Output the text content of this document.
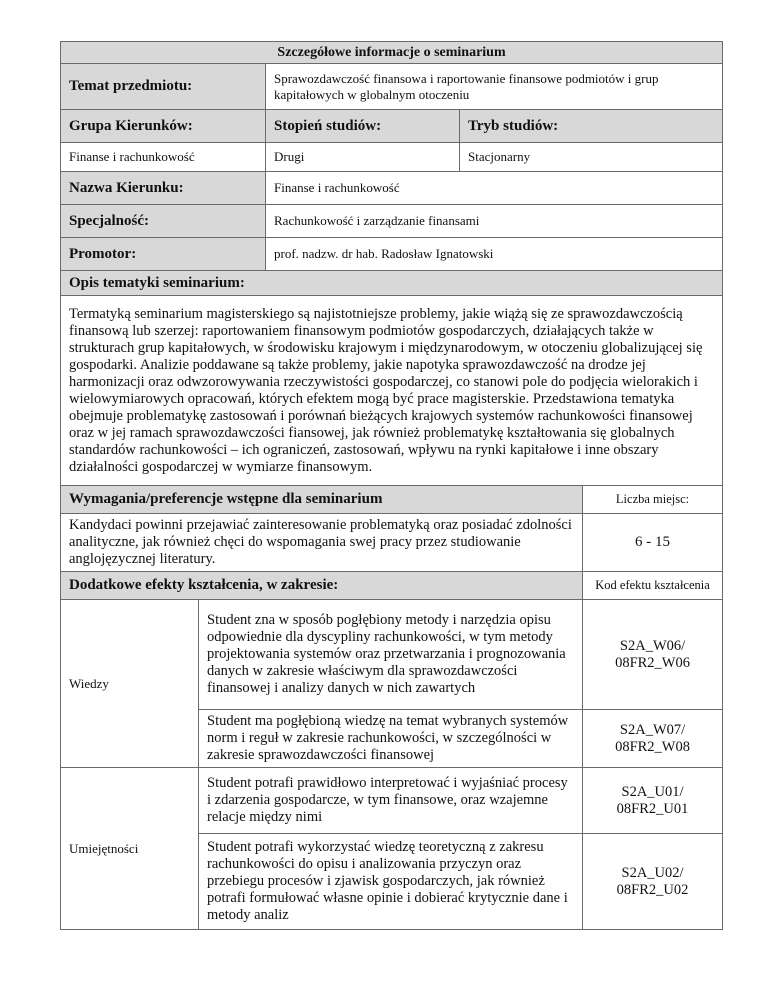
Szczegółowe informacje o seminarium				
Temat przedmiotu:		Sprawozdawczość finansowa i raportowanie finansowe podmiotów i grup kapitałowych w globalnym otoczeniu		
Grupa Kierunków:		Stopień studiów:	Tryb studiów:	
Finanse i rachunkowość		Drugi	Stacjonarny	
Nazwa Kierunku:		Finanse i rachunkowość		
Specjalność:		Rachunkowość i zarządzanie finansami		
Promotor:		prof. nadzw. dr hab. Radosław Ignatowski		
Opis tematyki seminarium:				
Termatyką seminarium magisterskiego są najistotniejsze problemy, jakie wiążą się ze sprawozdawczością finansową lub szerzej: raportowaniem finansowym podmiotów gospodarczych, działających także w strukturach grup kapitałowych, w środowisku krajowym i międzynarodowym, w otoczeniu globalizującej się gospodarki. Analizie poddawane są także problemy, jakie napotyka sprawozdawczość na drodze jej harmonizacji oraz odwzorowywania rzeczywistości gospodarczej, co stanowi pole do podjęcia wielorakich i wielowymiarowych opracowań, których efektem mogą być prace magisterskie. Przedstawiona tematyka obejmuje problematykę zastosowań i porównań bieżących krajowych systemów rachunkowości finansowej oraz w jej ramach sprawozdawczości fiansowej, jak również problematykę kształtowania się globalnych standardów rachunkowości – ich ograniczeń, zastosowań, wpływu na rynki kapitałowe i inne obszary działalności gospodarczej w wymiarze finansowym.				
Wymagania/preferencje wstępne dla seminarium				Liczba miejsc:
Kandydaci powinni przejawiać zainteresowanie problematyką oraz posiadać zdolności analityczne, jak również chęci do wspomagania swej pracy przez studiowanie anglojęzycznej literatury.				6 - 15
Dodatkowe efekty kształcenia, w zakresie:				Kod efektu kształcenia
Wiedzy	Student zna w sposób pogłębiony metody i narzędzia opisu odpowiednie dla dyscypliny rachunkowości, w tym metody projektowania systemów oraz przetwarzania i prognozowania danych w zakresie właściwym dla sprawozdawczości finansowej i analizy danych w nich zawartych			S2A_W06/
08FR2_W06
	Student ma pogłębioną wiedzę na temat wybranych systemów norm i reguł w zakresie rachunkowości, w szczególności w zakresie sprawozdawczości finansowej			S2A_W07/
08FR2_W08
Umiejętności	Student potrafi prawidłowo interpretować i wyjaśniać procesy i zdarzenia gospodarcze, w tym finansowe, oraz wzajemne relacje między nimi			S2A_U01/
08FR2_U01
	Student potrafi wykorzystać wiedzę teoretyczną z zakresu rachunkowości do opisu i analizowania przyczyn oraz przebiegu procesów i zjawisk gospodarczych, jak również potrafi formułować własne opinie i dobierać krytycznie dane i metody analiz			S2A_U02/
08FR2_U02
